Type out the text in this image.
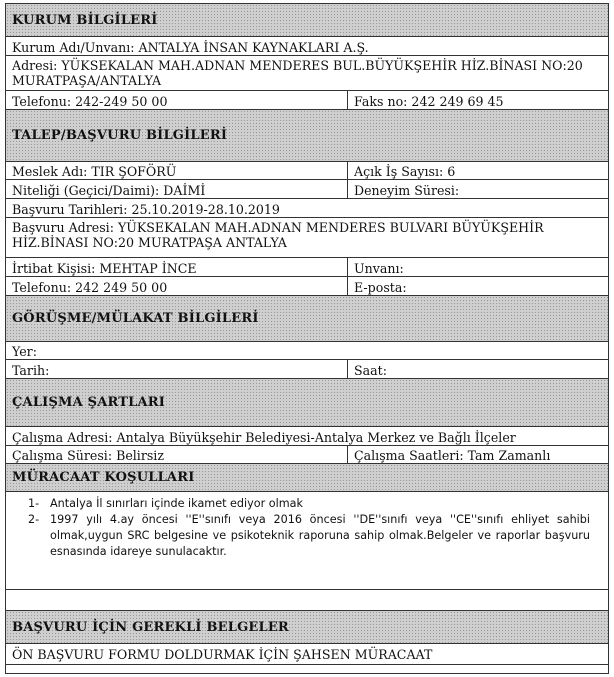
KURUM BİLGİLERİ
Kurum Adı/Unvanı: ANTALYA İNSAN KAYNAKLARI A.Ş.
Adresi: YÜKSEKALAN MAH.ADNAN MENDERES BUL.BÜYÜKŞEHİR HİZ.BİNASI NO:20
MURATPAŞA/ANTALYA
Telefonu: 242-249 50 00	Faks no: 242 249 69 45
TALEP/BAŞVURU BİLGİLERİ
Meslek Adı: TIR ŞOFÖRÜ	Açık İş Sayısı: 6
Niteliği (Geçici/Daimi): DAİMİ	Deneyim Süresi:
Başvuru Tarihleri: 25.10.2019-28.10.2019
Başvuru Adresi: YÜKSEKALAN MAH.ADNAN MENDERES BULVARI BÜYÜKŞEHİR
HİZ.BİNASI NO:20 MURATPAŞA ANTALYA
İrtibat Kişisi: MEHTAP İNCE	Unvanı:
Telefonu: 242 249 50 00	E-posta:
GÖRÜŞME/MÜLAKAT BİLGİLERİ
Yer:
Tarih:	Saat:
ÇALIŞMA ŞARTLARI
Çalışma Adresi: Antalya Büyükşehir Belediyesi-Antalya Merkez ve Bağlı İlçeler
Çalışma Süresi: Belirsiz	Çalışma Saatleri: Tam Zamanlı
MÜRACAAT KOŞULLARI
1- Antalya İl sınırları içinde ikamet ediyor olmak
2- 1997 yılı 4.ay öncesi ''E''sınıfı veya 2016 öncesi ''DE''sınıfı veya ''CE''sınıfı ehliyet sahibi olmak,uygun SRC belgesine ve psikoteknik raporuna sahip olmak.Belgeler ve raporlar başvuru esnasında idareye sunulacaktır.
BAŞVURU İÇİN GEREKLİ BELGELER
ÖN BAŞVURU FORMU DOLDURMAK İÇİN ŞAHSEN MÜRACAAT
